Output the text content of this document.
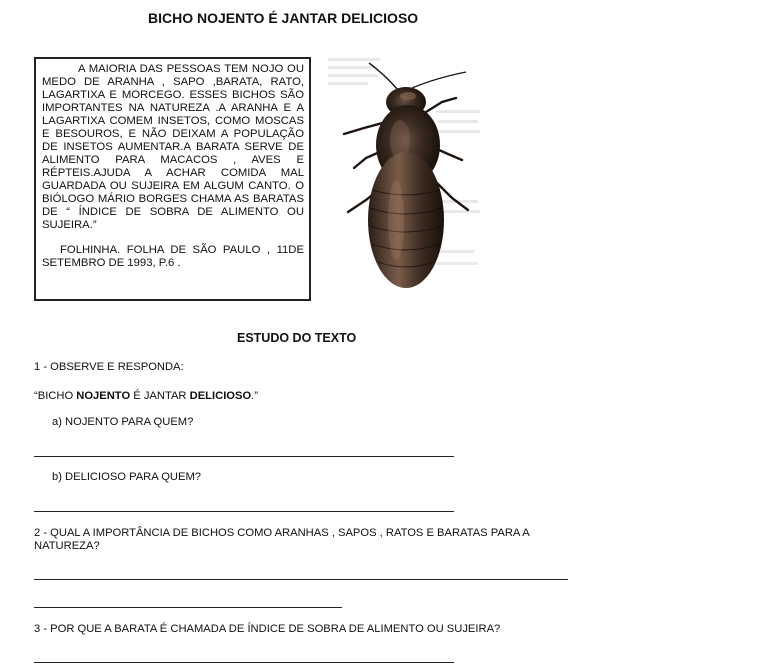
BICHO NOJENTO É JANTAR DELICIOSO

A MAIORIA DAS PESSOAS TEM NOJO OU MEDO DE ARANHA , SAPO ,BARATA, RATO, LAGARTIXA E MORCEGO. ESSES BICHOS SÃO IMPORTANTES NA NATUREZA .A ARANHA E A LAGARTIXA COMEM INSETOS, COMO MOSCAS E BESOUROS, E NÃO DEIXAM A POPULAÇÃO DE INSETOS AUMENTAR.A BARATA SERVE DE ALIMENTO PARA MACACOS , AVES E RÉPTEIS.AJUDA A ACHAR COMIDA MAL GUARDADA OU SUJEIRA EM ALGUM CANTO. O BIÓLOGO MÁRIO BORGES CHAMA AS BARATAS DE “ ÍNDICE DE SOBRA DE ALIMENTO OU SUJEIRA.”

FOLHINHA. FOLHA DE SÃO PAULO , 11DE SETEMBRO DE 1993, P.6 .

ESTUDO DO TEXTO
1 - OBSERVE E RESPONDA:
“BICHO NOJENTO É JANTAR DELICIOSO.”
a) NOJENTO PARA QUEM?
b) DELICIOSO PARA QUEM?
2 - QUAL A IMPORTÂNCIA DE BICHOS COMO ARANHAS , SAPOS , RATOS E BARATAS PARA A NATUREZA?
3 - POR QUE A BARATA É CHAMADA DE ÍNDICE DE SOBRA DE ALIMENTO OU SUJEIRA?
